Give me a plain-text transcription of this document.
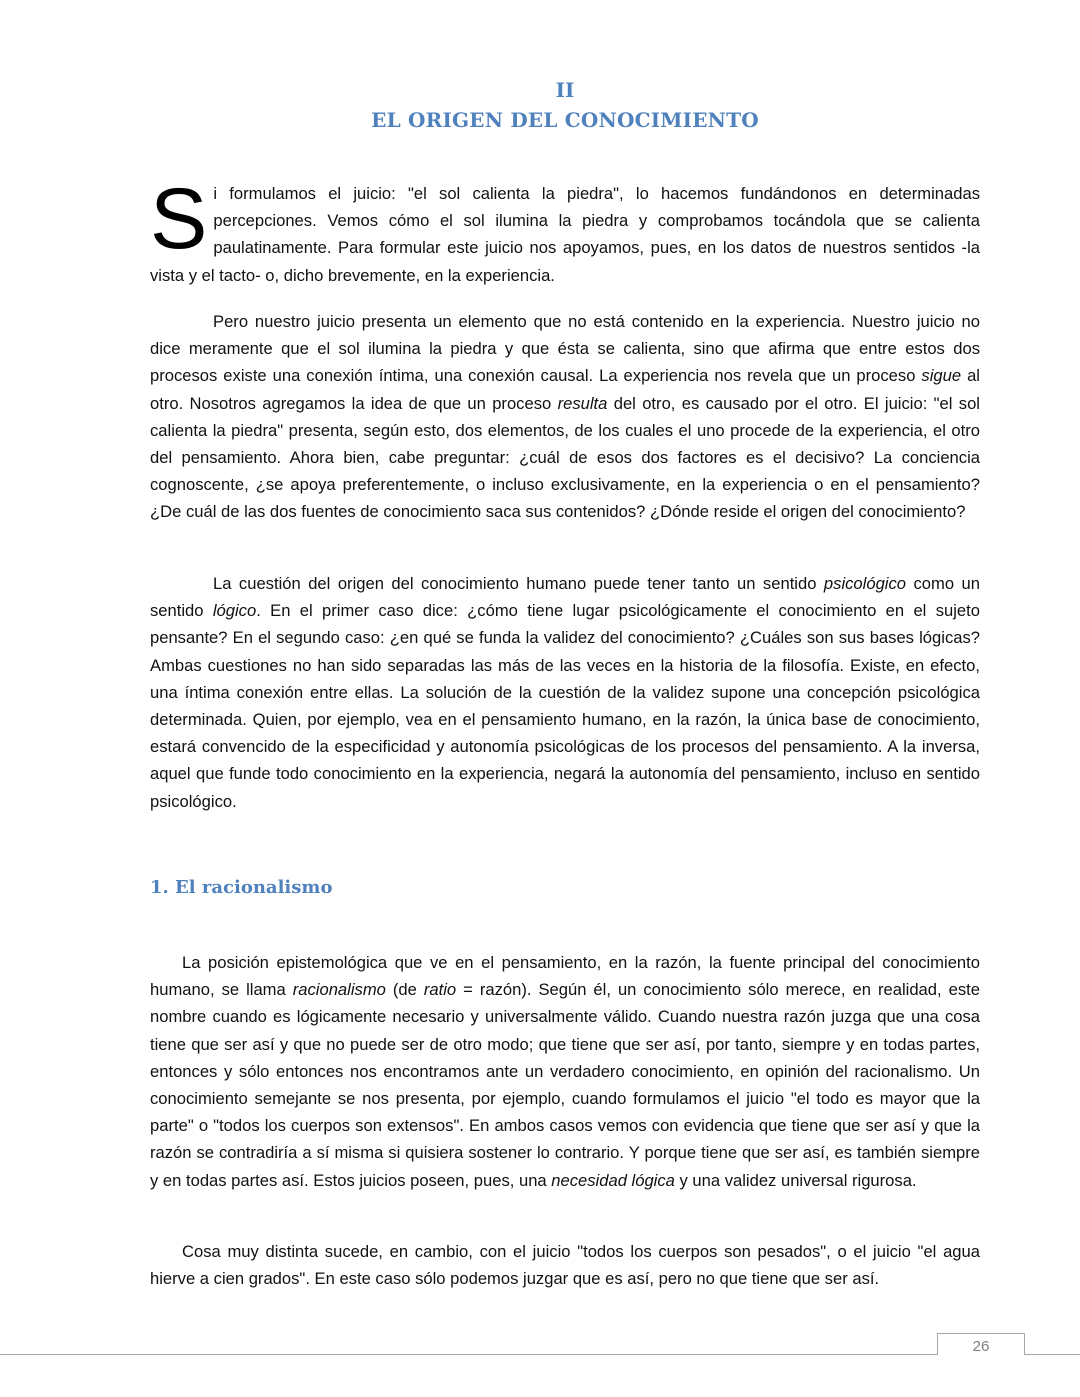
II
EL ORIGEN DEL CONOCIMIENTO

Si formulamos el juicio: "el sol calienta la piedra", lo hacemos fundándonos en determinadas percepciones. Vemos cómo el sol ilumina la piedra y comprobamos tocándola que se calienta paulatinamente. Para formular este juicio nos apoyamos, pues, en los datos de nuestros sentidos -la vista y el tacto- o, dicho brevemente, en la experiencia.

Pero nuestro juicio presenta un elemento que no está contenido en la experiencia. Nuestro juicio no dice meramente que el sol ilumina la piedra y que ésta se calienta, sino que afirma que entre estos dos procesos existe una conexión íntima, una conexión causal. La experiencia nos revela que un proceso sigue al otro. Nosotros agregamos la idea de que un proceso resulta del otro, es causado por el otro. El juicio: "el sol calienta la piedra" presenta, según esto, dos elementos, de los cuales el uno procede de la experiencia, el otro del pensamiento. Ahora bien, cabe preguntar: ¿cuál de esos dos factores es el decisivo? La conciencia cognoscente, ¿se apoya preferentemente, o incluso exclusivamente, en la experiencia o en el pensamiento? ¿De cuál de las dos fuentes de conocimiento saca sus contenidos? ¿Dónde reside el origen del conocimiento?

La cuestión del origen del conocimiento humano puede tener tanto un sentido psicológico como un sentido lógico. En el primer caso dice: ¿cómo tiene lugar psicológicamente el conocimiento en el sujeto pensante? En el segundo caso: ¿en qué se funda la validez del conocimiento? ¿Cuáles son sus bases lógicas? Ambas cuestiones no han sido separadas las más de las veces en la historia de la filosofía. Existe, en efecto, una íntima conexión entre ellas. La solución de la cuestión de la validez supone una concepción psicológica determinada. Quien, por ejemplo, vea en el pensamiento humano, en la razón, la única base de conocimiento, estará convencido de la especificidad y autonomía psicológicas de los procesos del pensamiento. A la inversa, aquel que funde todo conocimiento en la experiencia, negará la autonomía del pensamiento, incluso en sentido psicológico.

1. El racionalismo

La posición epistemológica que ve en el pensamiento, en la razón, la fuente principal del conocimiento humano, se llama racionalismo (de ratio = razón). Según él, un conocimiento sólo merece, en realidad, este nombre cuando es lógicamente necesario y universalmente válido. Cuando nuestra razón juzga que una cosa tiene que ser así y que no puede ser de otro modo; que tiene que ser así, por tanto, siempre y en todas partes, entonces y sólo entonces nos encontramos ante un verdadero conocimiento, en opinión del racionalismo. Un conocimiento semejante se nos presenta, por ejemplo, cuando formulamos el juicio "el todo es mayor que la parte" o "todos los cuerpos son extensos". En ambos casos vemos con evidencia que tiene que ser así y que la razón se contradiría a sí misma si quisiera sostener lo contrario. Y porque tiene que ser así, es también siempre y en todas partes así. Estos juicios poseen, pues, una necesidad lógica y una validez universal rigurosa.

Cosa muy distinta sucede, en cambio, con el juicio "todos los cuerpos son pesados", o el juicio "el agua hierve a cien grados". En este caso sólo podemos juzgar que es así, pero no que tiene que ser así.

26
